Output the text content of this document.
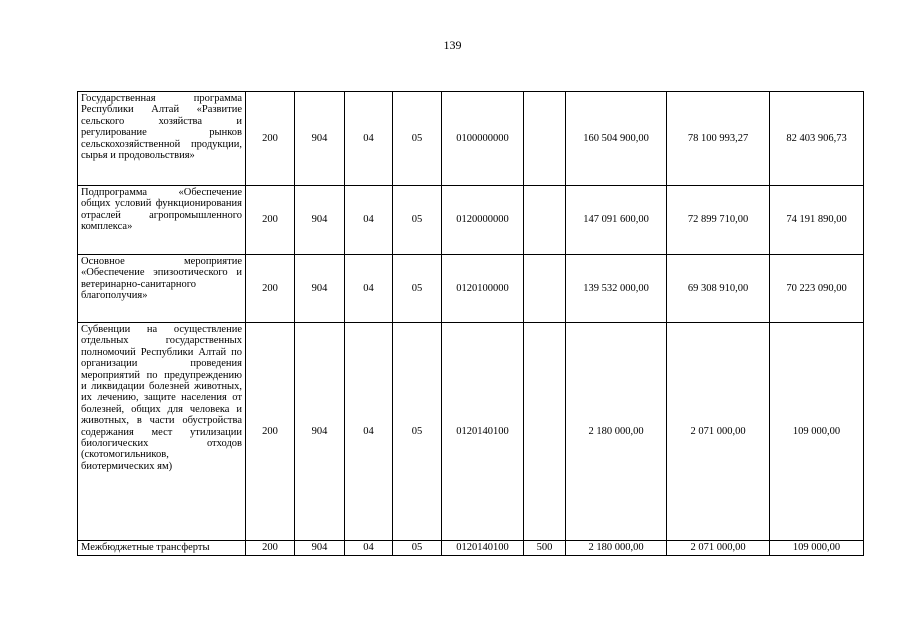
139
Государственная программа Республики Алтай «Развитие сельского хозяйства и регулирование рынков сельскохозяйственной продукции, сырья и продовольствия»	200	904	04	05	0100000000		160 504 900,00	78 100 993,27	82 403 906,73
Подпрограмма «Обеспечение общих условий функционирования отраслей агропромышленного комплекса»	200	904	04	05	0120000000		147 091 600,00	72 899 710,00	74 191 890,00
Основное мероприятие «Обеспечение эпизоотического и ветеринарно-санитарного благополучия»	200	904	04	05	0120100000		139 532 000,00	69 308 910,00	70 223 090,00
Субвенции на осуществление отдельных государственных полномочий Республики Алтай по организации проведения мероприятий по предупреждению и ликвидации болезней животных, их лечению, защите населения от болезней, общих для человека и животных, в части обустройства содержания мест утилизации биологических отходов (скотомогильников, биотермических ям)	200	904	04	05	0120140100		2 180 000,00	2 071 000,00	109 000,00
Межбюджетные трансферты	200	904	04	05	0120140100	500	2 180 000,00	2 071 000,00	109 000,00
